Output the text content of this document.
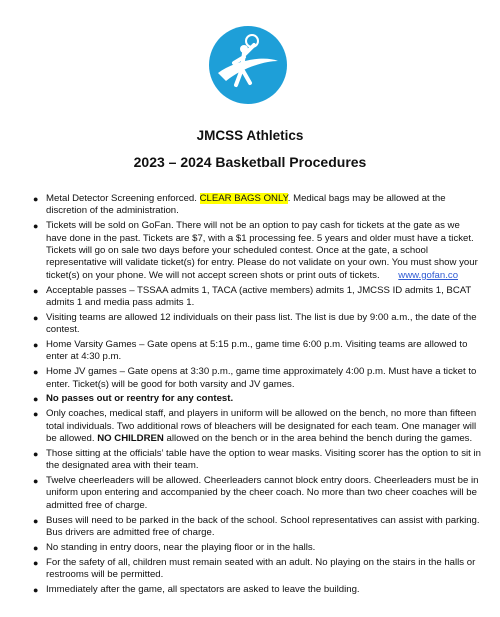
JMCSS Athletics
2023 – 2024 Basketball Procedures
● Metal Detector Screening enforced. CLEAR BAGS ONLY. Medical bags may be allowed at the discretion of the administration.
● Tickets will be sold on GoFan. There will not be an option to pay cash for tickets at the gate as we have done in the past. Tickets are $7, with a $1 processing fee. 5 years and older must have a ticket. Tickets will go on sale two days before your scheduled contest. Once at the gate, a school representative will validate ticket(s) for entry. Please do not validate on your own. You must show your ticket(s) on your phone. We will not accept screen shots or print outs of tickets. www.gofan.co
● Acceptable passes – TSSAA admits 1, TACA (active members) admits 1, JMCSS ID admits 1, BCAT admits 1 and media pass admits 1.
● Visiting teams are allowed 12 individuals on their pass list. The list is due by 9:00 a.m., the date of the contest.
● Home Varsity Games – Gate opens at 5:15 p.m., game time 6:00 p.m. Visiting teams are allowed to enter at 4:30 p.m.
● Home JV games – Gate opens at 3:30 p.m., game time approximately 4:00 p.m. Must have a ticket to enter. Ticket(s) will be good for both varsity and JV games.
● No passes out or reentry for any contest.
● Only coaches, medical staff, and players in uniform will be allowed on the bench, no more than fifteen total individuals. Two additional rows of bleachers will be designated for each team. One manager will be allowed. NO CHILDREN allowed on the bench or in the area behind the bench during the games.
● Those sitting at the officials’ table have the option to wear masks. Visiting scorer has the option to sit in the designated area with their team.
● Twelve cheerleaders will be allowed. Cheerleaders cannot block entry doors. Cheerleaders must be in uniform upon entering and accompanied by the cheer coach. No more than two cheer coaches will be admitted free of charge.
● Buses will need to be parked in the back of the school. School representatives can assist with parking. Bus drivers are admitted free of charge.
● No standing in entry doors, near the playing floor or in the halls.
● For the safety of all, children must remain seated with an adult. No playing on the stairs in the halls or restrooms will be permitted.
● Immediately after the game, all spectators are asked to leave the building.
